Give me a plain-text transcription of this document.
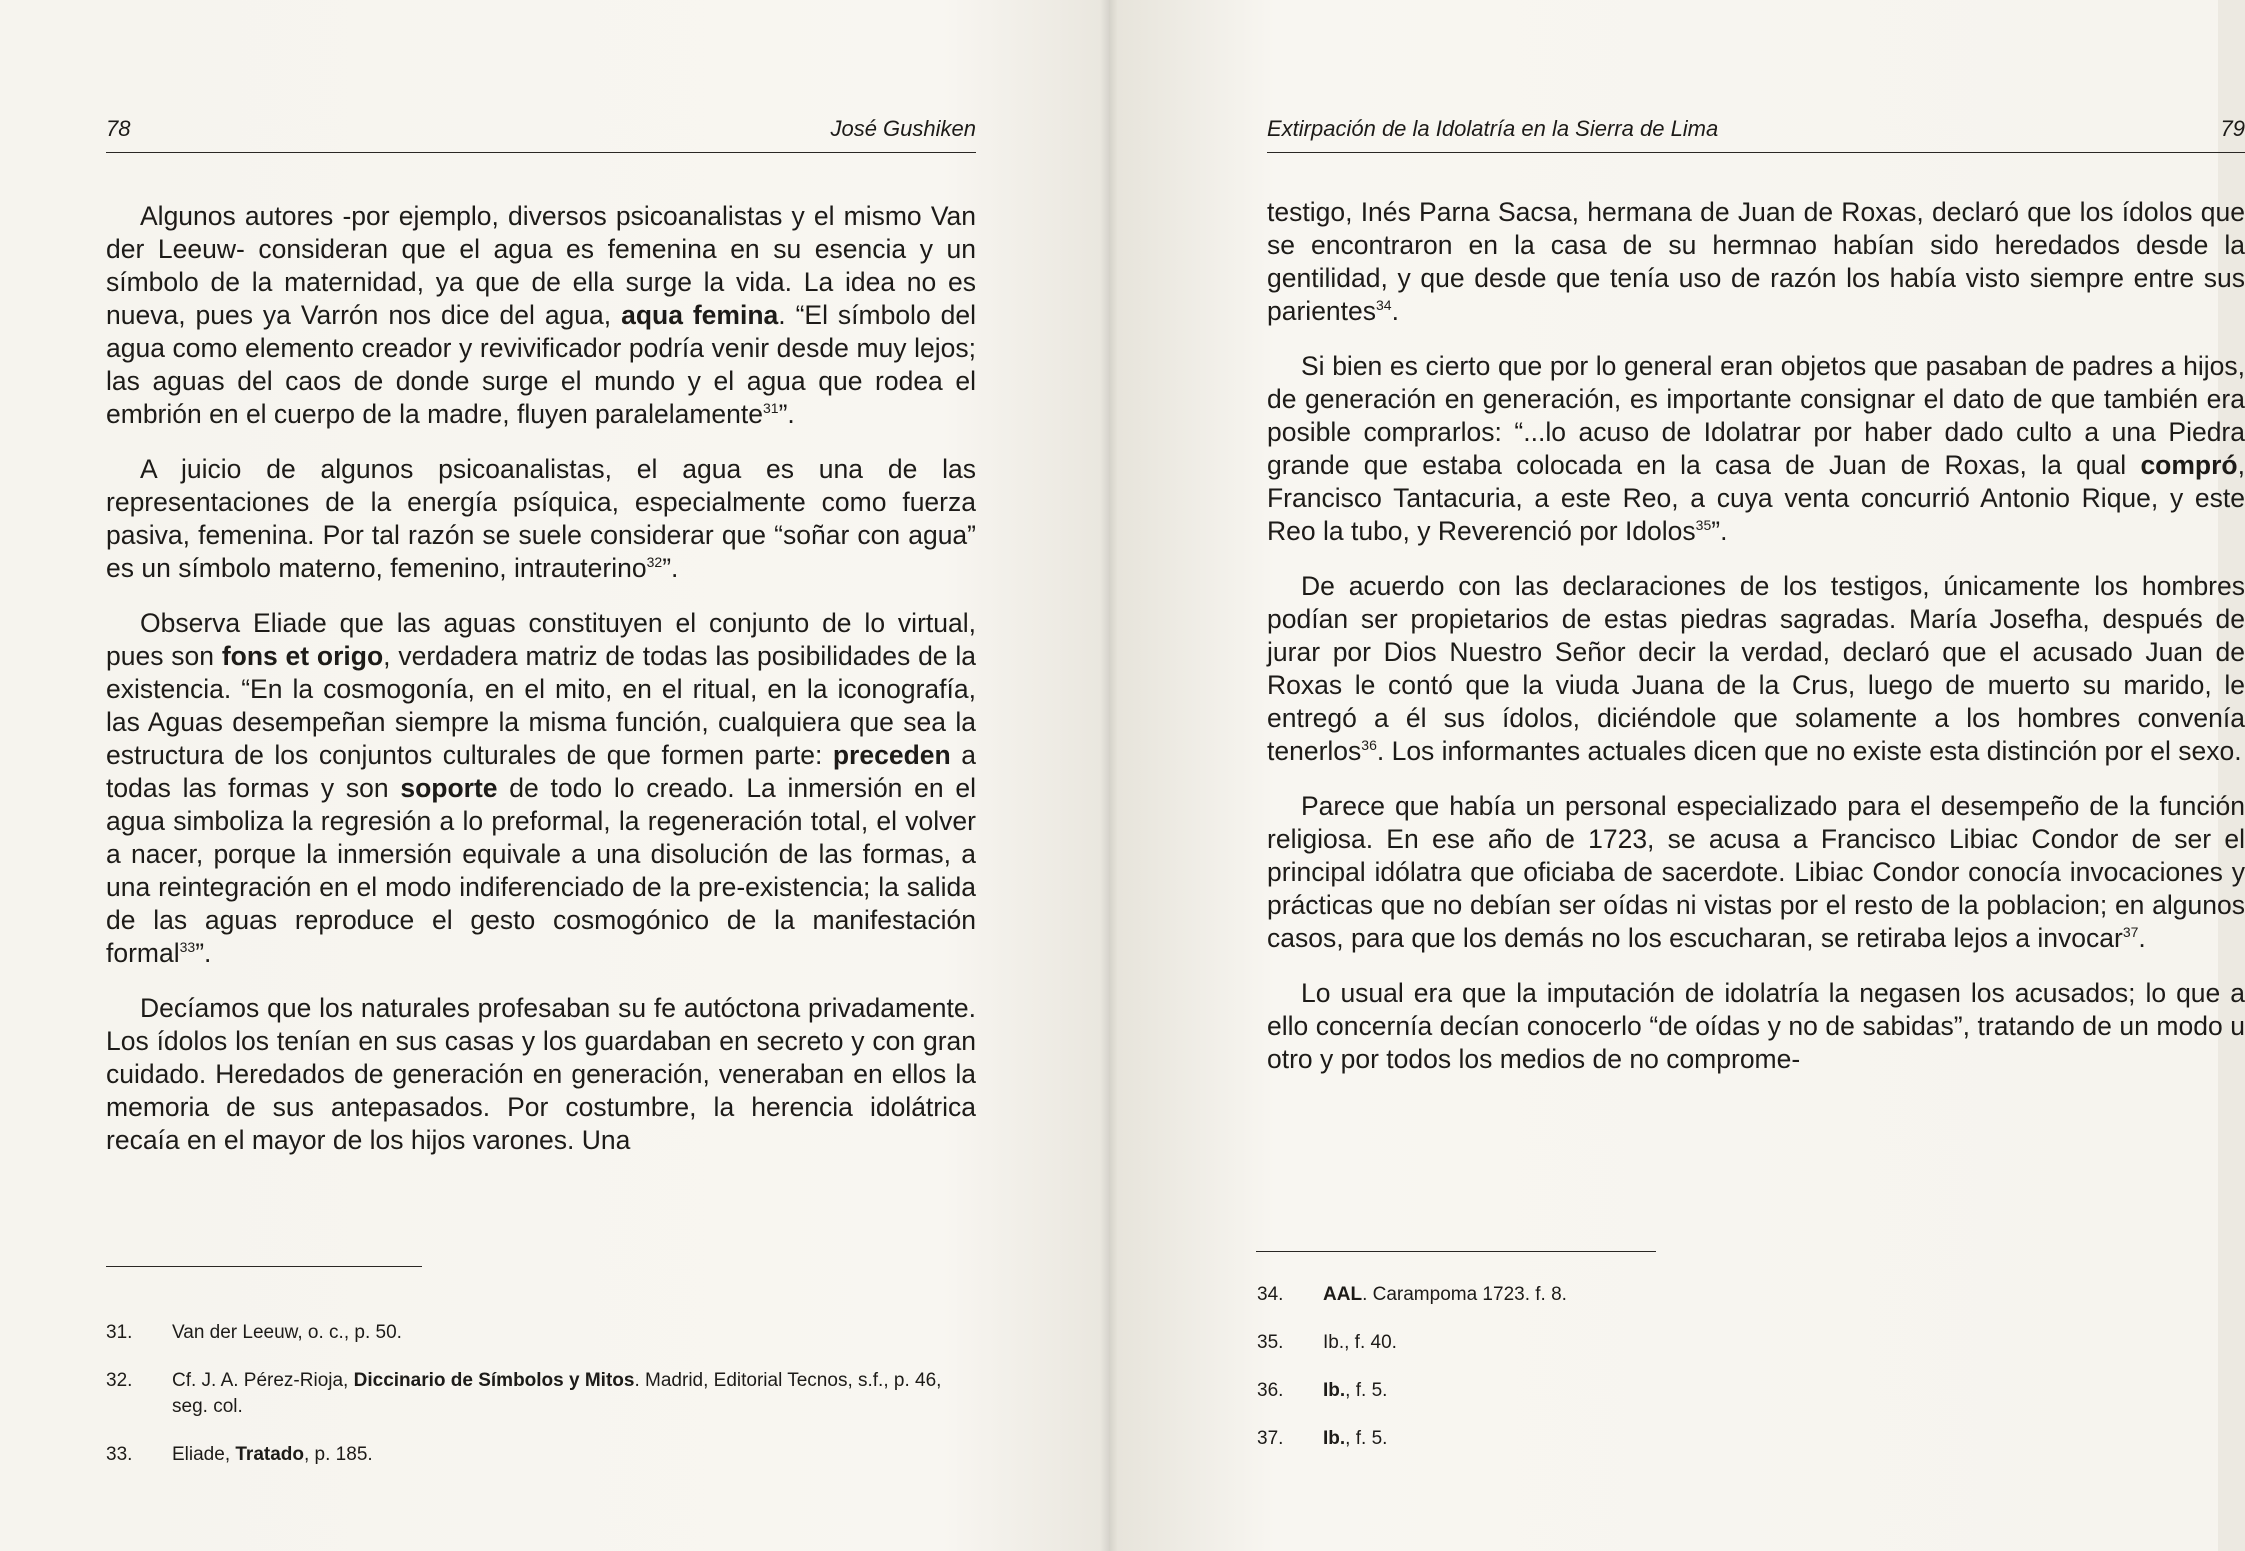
78	José Gushiken

Algunos autores -por ejemplo, diversos psicoanalistas y el mismo Van der Leeuw- consideran que el agua es femenina en su esencia y un símbolo de la maternidad, ya que de ella surge la vida. La idea no es nueva, pues ya Varrón nos dice del agua, aqua femina. “El símbolo del agua como elemento creador y revivificador podría venir desde muy lejos; las aguas del caos de donde surge el mundo y el agua que rodea el embrión en el cuerpo de la madre, fluyen paralelamente$^{31}$”.

A juicio de algunos psicoanalistas, el agua es una de las representaciones de la energía psíquica, especialmente como fuerza pasiva, femenina. Por tal razón se suele considerar que “soñar con agua” es un símbolo materno, femenino, intrauterino$^{32}$”.

Observa Eliade que las aguas constituyen el conjunto de lo virtual, pues son fons et origo, verdadera matriz de todas las posibilidades de la existencia. “En la cosmogonía, en el mito, en el ritual, en la iconografía, las Aguas desempeñan siempre la misma función, cualquiera que sea la estructura de los conjuntos culturales de que formen parte: preceden a todas las formas y son soporte de todo lo creado. La inmersión en el agua simboliza la regresión a lo preformal, la regeneración total, el volver a nacer, porque la inmersión equivale a una disolución de las formas, a una reintegración en el modo indiferenciado de la pre-existencia; la salida de las aguas reproduce el gesto cosmogónico de la manifestación formal$^{33}$”.

Decíamos que los naturales profesaban su fe autóctona privadamente. Los ídolos los tenían en sus casas y los guardaban en secreto y con gran cuidado. Heredados de generación en generación, veneraban en ellos la memoria de sus antepasados. Por costumbre, la herencia idolátrica recaía en el mayor de los hijos varones. Una

31. Van der Leeuw, o. c., p. 50.
32. Cf. J. A. Pérez-Rioja, Diccinario de Símbolos y Mitos. Madrid, Editorial Tecnos, s.f., p. 46, seg. col.
33. Eliade, Tratado, p. 185.
Extirpación de la Idolatría en la Sierra de Lima	79

testigo, Inés Parna Sacsa, hermana de Juan de Roxas, declaró que los ídolos que se encontraron en la casa de su hermnao habían sido heredados desde la gentilidad, y que desde que tenía uso de razón los había visto siempre entre sus parientes$^{34}$.

Si bien es cierto que por lo general eran objetos que pasaban de padres a hijos, de generación en generación, es importante consignar el dato de que también era posible comprarlos: “...lo acuso de Idolatrar por haber dado culto a una Piedra grande que estaba colocada en la casa de Juan de Roxas, la qual compró, Francisco Tantacuria, a este Reo, a cuya venta concurrió Antonio Rique, y este Reo la tubo, y Reverenció por Idolos$^{35}$”.

De acuerdo con las declaraciones de los testigos, únicamente los hombres podían ser propietarios de estas piedras sagradas. María Josefha, después de jurar por Dios Nuestro Señor decir la verdad, declaró que el acusado Juan de Roxas le contó que la viuda Juana de la Crus, luego de muerto su marido, le entregó a él sus ídolos, diciéndole que solamente a los hombres convenía tenerlos$^{36}$. Los informantes actuales dicen que no existe esta distinción por el sexo.

Parece que había un personal especializado para el desempeño de la función religiosa. En ese año de 1723, se acusa a Francisco Libiac Condor de ser el principal idólatra que oficiaba de sacerdote. Libiac Condor conocía invocaciones y prácticas que no debían ser oídas ni vistas por el resto de la poblacion; en algunos casos, para que los demás no los escucharan, se retiraba lejos a invocar$^{37}$.

Lo usual era que la imputación de idolatría la negasen los acusados; lo que a ello concernía decían conocerlo “de oídas y no de sabidas”, tratando de un modo u otro y por todos los medios de no comprome-

34. AAL. Carampoma 1723. f. 8.
35. Ib., f. 40.
36. Ib., f. 5.
37. Ib., f. 5.
